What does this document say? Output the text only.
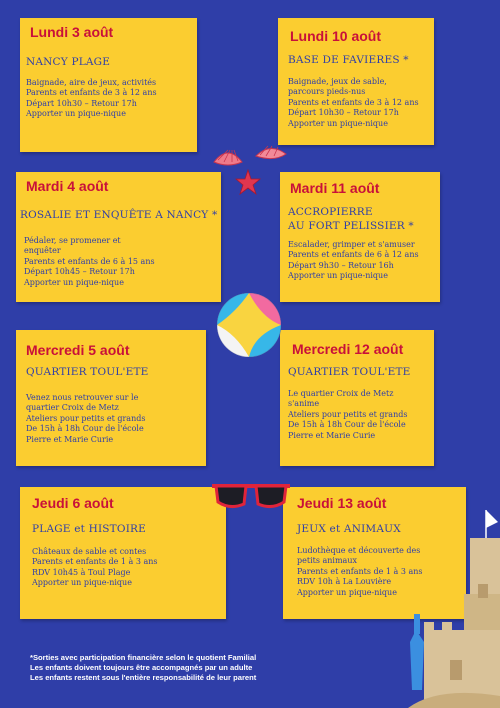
Lundi 3 août
NANCY PLAGE
Baignade, aire de jeux, activités
Parents et enfants de 3 à 12 ans
Départ 10h30 – Retour 17h
Apporter un pique-nique
Lundi 10 août
BASE DE FAVIERES *
Baignade, jeux de sable,
parcours pieds-nus
Parents et enfants de 3 à 12 ans
Départ 10h30 – Retour 17h
Apporter un pique-nique
Mardi 4 août
ROSALIE ET ENQUÊTE A NANCY *
Pédaler, se promener et
enquêter
Parents et enfants de 6 à 15 ans
Départ 10h45 – Retour 17h
Apporter un pique-nique
Mardi 11 août
ACCROPIERRE
AU FORT PELISSIER *
Escalader, grimper et s'amuser
Parents et enfants de 6 à 12 ans
Départ 9h30 – Retour 16h
Apporter un pique-nique
Mercredi 5 août
QUARTIER TOUL'ETE
Venez nous retrouver sur le
quartier Croix de Metz
Ateliers pour petits et grands
De 15h à 18h Cour de l'école
Pierre et Marie Curie
Mercredi 12 août
QUARTIER TOUL'ETE
Le quartier Croix de Metz
s'anime
Ateliers pour petits et grands
De 15h à 18h Cour de l'école
Pierre et Marie Curie
Jeudi 6 août
PLAGE et HISTOIRE
Châteaux de sable et contes
Parents et enfants de 1 à 3 ans
RDV 10h45 à Toul Plage
Apporter un pique-nique
Jeudi 13 août
JEUX et ANIMAUX
Ludothèque et découverte des
petits animaux
Parents et enfants de 1 à 3 ans
RDV 10h à La Louvière
Apporter un pique-nique
*Sorties avec participation financière selon le quotient Familial
Les enfants doivent toujours être accompagnés par un adulte
Les enfants restent sous l'entière responsabilité de leur parent
